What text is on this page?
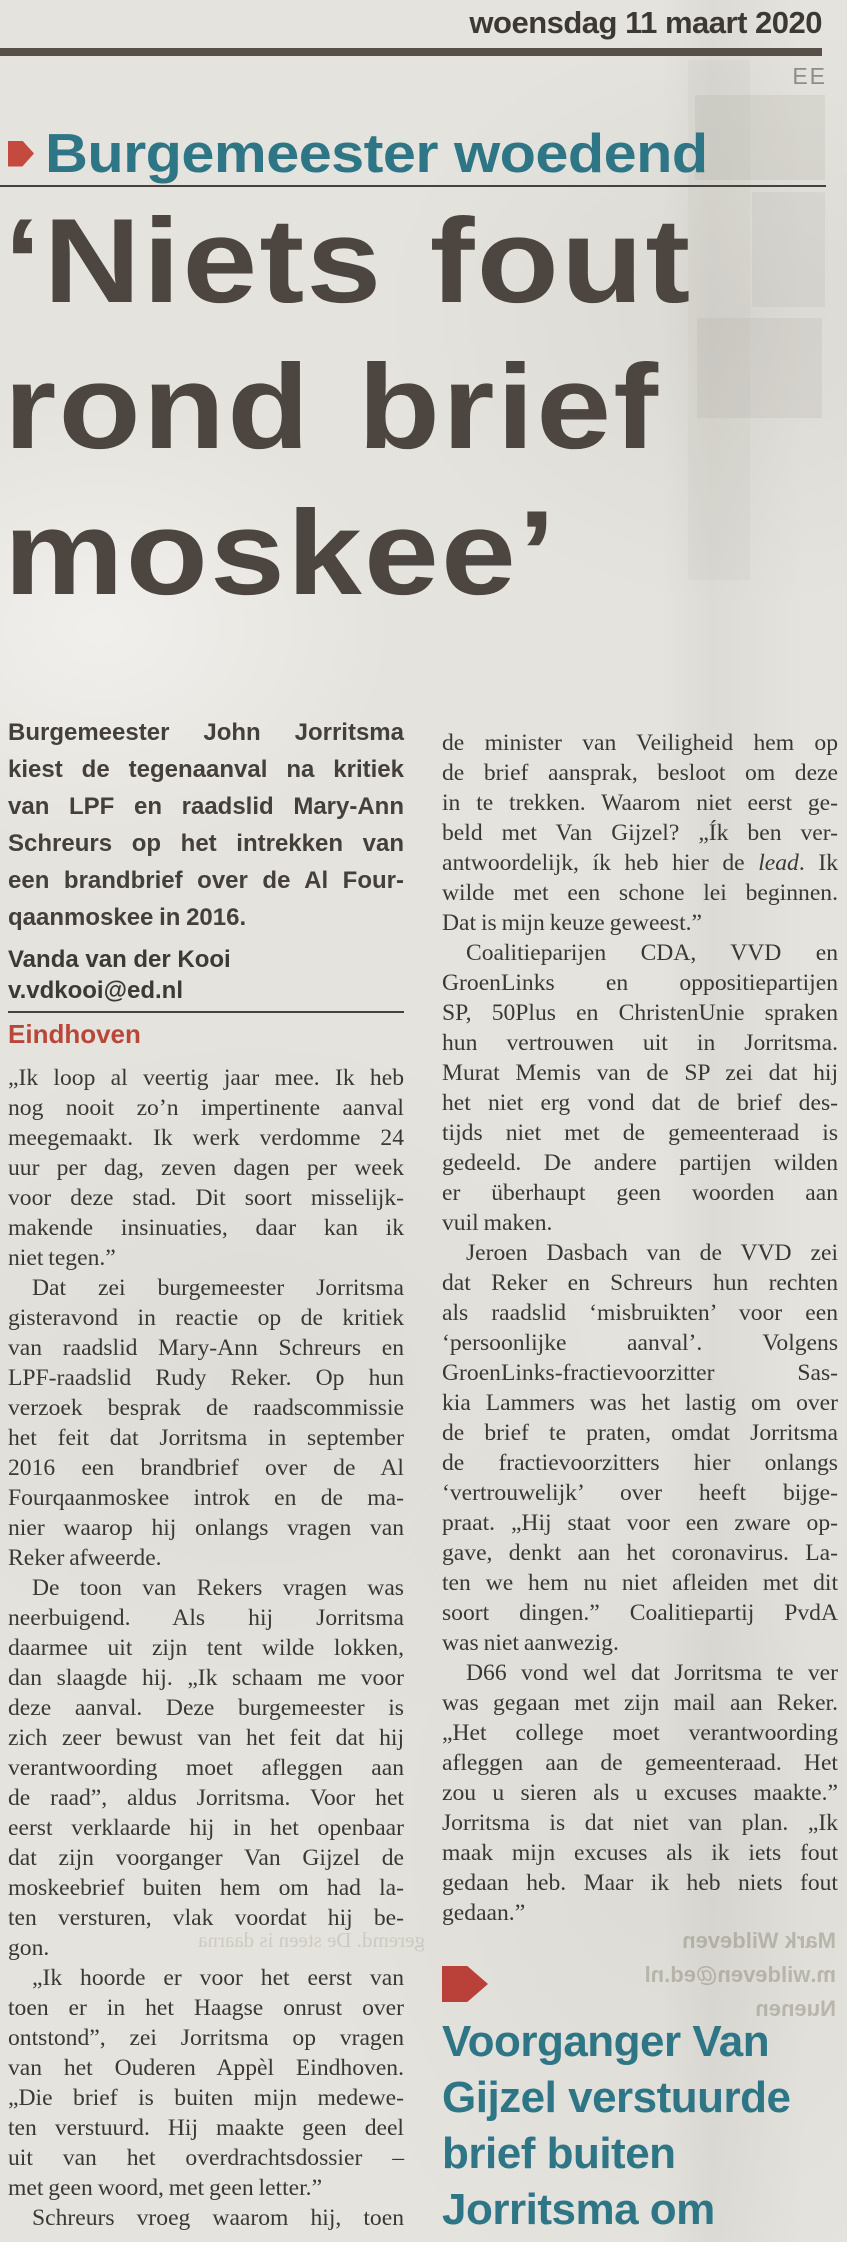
woensdag 11 maart 2020
EE
Mark Wildeven
m.wildeven@ed.nl
Nuenen
geremd. De steen is daarna
Burgemeester woedend
‘Niets fout
rond brief
moskee’
Burgemeester John Jorritsma
kiest de tegenaanval na kritiek
van LPF en raadslid Mary-Ann
Schreurs op het intrekken van
een brandbrief over de Al Four-
qaanmoskee in 2016.
Vanda van der Kooi
v.vdkooi@ed.nl
Eindhoven
„Ik loop al veertig jaar mee. Ik heb
nog nooit zo’n impertinente aanval
meegemaakt. Ik werk verdomme 24
uur per dag, zeven dagen per week
voor deze stad. Dit soort misselijk-
makende insinuaties, daar kan ik
niet tegen.”
Dat zei burgemeester Jorritsma
gisteravond in reactie op de kritiek
van raadslid Mary-Ann Schreurs en
LPF-raadslid Rudy Reker. Op hun
verzoek besprak de raadscommissie
het feit dat Jorritsma in september
2016 een brandbrief over de Al
Fourqaanmoskee introk en de ma-
nier waarop hij onlangs vragen van
Reker afweerde.
De toon van Rekers vragen was
neerbuigend. Als hij Jorritsma
daarmee uit zijn tent wilde lokken,
dan slaagde hij. „Ik schaam me voor
deze aanval. Deze burgemeester is
zich zeer bewust van het feit dat hij
verantwoording moet afleggen aan
de raad”, aldus Jorritsma. Voor het
eerst verklaarde hij in het openbaar
dat zijn voorganger Van Gijzel de
moskeebrief buiten hem om had la-
ten versturen, vlak voordat hij be-
gon.
„Ik hoorde er voor het eerst van
toen er in het Haagse onrust over
ontstond”, zei Jorritsma op vragen
van het Ouderen Appèl Eindhoven.
„Die brief is buiten mijn medewe-
ten verstuurd. Hij maakte geen deel
uit van het overdrachtsdossier –
met geen woord, met geen letter.”
Schreurs vroeg waarom hij, toen
de minister van Veiligheid hem op
de brief aansprak, besloot om deze
in te trekken. Waarom niet eerst ge-
beld met Van Gijzel? „Ík ben ver-
antwoordelijk, ík heb hier de lead. Ik
wilde met een schone lei beginnen.
Dat is mijn keuze geweest.”
Coalitieparijen CDA, VVD en
GroenLinks en oppositiepartijen
SP, 50Plus en ChristenUnie spraken
hun vertrouwen uit in Jorritsma.
Murat Memis van de SP zei dat hij
het niet erg vond dat de brief des-
tijds niet met de gemeenteraad is
gedeeld. De andere partijen wilden
er überhaupt geen woorden aan
vuil maken.
Jeroen Dasbach van de VVD zei
dat Reker en Schreurs hun rechten
als raadslid ‘misbruikten’ voor een
‘persoonlijke aanval’. Volgens
GroenLinks-fractievoorzitter Sas-
kia Lammers was het lastig om over
de brief te praten, omdat Jorritsma
de fractievoorzitters hier onlangs
‘vertrouwelijk’ over heeft bijge-
praat. „Hij staat voor een zware op-
gave, denkt aan het coronavirus. La-
ten we hem nu niet afleiden met dit
soort dingen.” Coalitiepartij PvdA
was niet aanwezig.
D66 vond wel dat Jorritsma te ver
was gegaan met zijn mail aan Reker.
„Het college moet verantwoording
afleggen aan de gemeenteraad. Het
zou u sieren als u excuses maakte.”
Jorritsma is dat niet van plan. „Ik
maak mijn excuses als ik iets fout
gedaan heb. Maar ik heb niets fout
gedaan.”
Voorganger Van
Gijzel verstuurde
brief buiten
Jorritsma om
